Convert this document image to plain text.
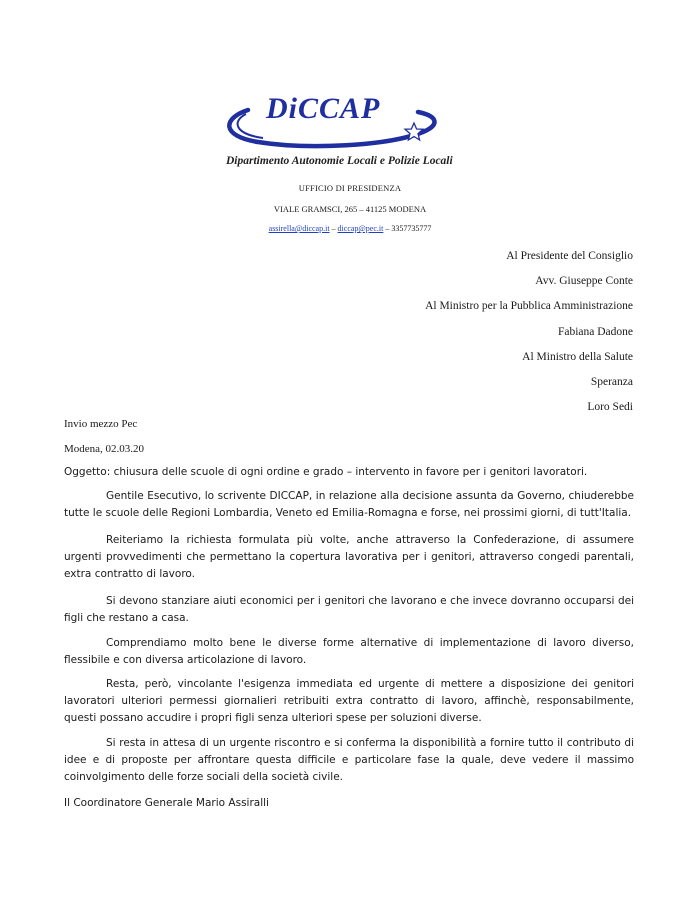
DiCCAP
Dipartimento Autonomie Locali e Polizie Locali
UFFICIO DI PRESIDENZA
VIALE GRAMSCI, 265 – 41125 MODENA
assirella@diccap.it – diccap@pec.it – 3357735777
Al Presidente del Consiglio
Avv. Giuseppe Conte
Al Ministro per la Pubblica Amministrazione
Fabiana Dadone
Al Ministro della Salute
Speranza
Loro Sedi
Invio mezzo Pec
Modena, 02.03.20
Oggetto: chiusura delle scuole di ogni ordine e grado – intervento in favore per i genitori lavoratori.

Gentile Esecutivo, lo scrivente DICCAP, in relazione alla decisione assunta da Governo, chiuderebbe tutte le scuole delle Regioni Lombardia, Veneto ed Emilia-Romagna e forse, nei prossimi giorni, di tutt'Italia.

Reiteriamo la richiesta formulata più volte, anche attraverso la Confederazione, di assumere urgenti provvedimenti che permettano la copertura lavorativa per i genitori, attraverso congedi parentali, extra contratto di lavoro.

Si devono stanziare aiuti economici per i genitori che lavorano e che invece dovranno occuparsi dei figli che restano a casa.

Comprendiamo molto bene le diverse forme alternative di implementazione di lavoro diverso, flessibile e con diversa articolazione di lavoro.

Resta, però, vincolante l'esigenza immediata ed urgente di mettere a disposizione dei genitori lavoratori ulteriori permessi giornalieri retribuiti extra contratto di lavoro, affinchè, responsabilmente, questi possano accudire i propri figli senza ulteriori spese per soluzioni diverse.

Si resta in attesa di un urgente riscontro e si conferma la disponibilità a fornire tutto il contributo di idee e di proposte per affrontare questa difficile e particolare fase la quale, deve vedere il massimo coinvolgimento delle forze sociali della società civile.

Il Coordinatore Generale Mario Assiralli
